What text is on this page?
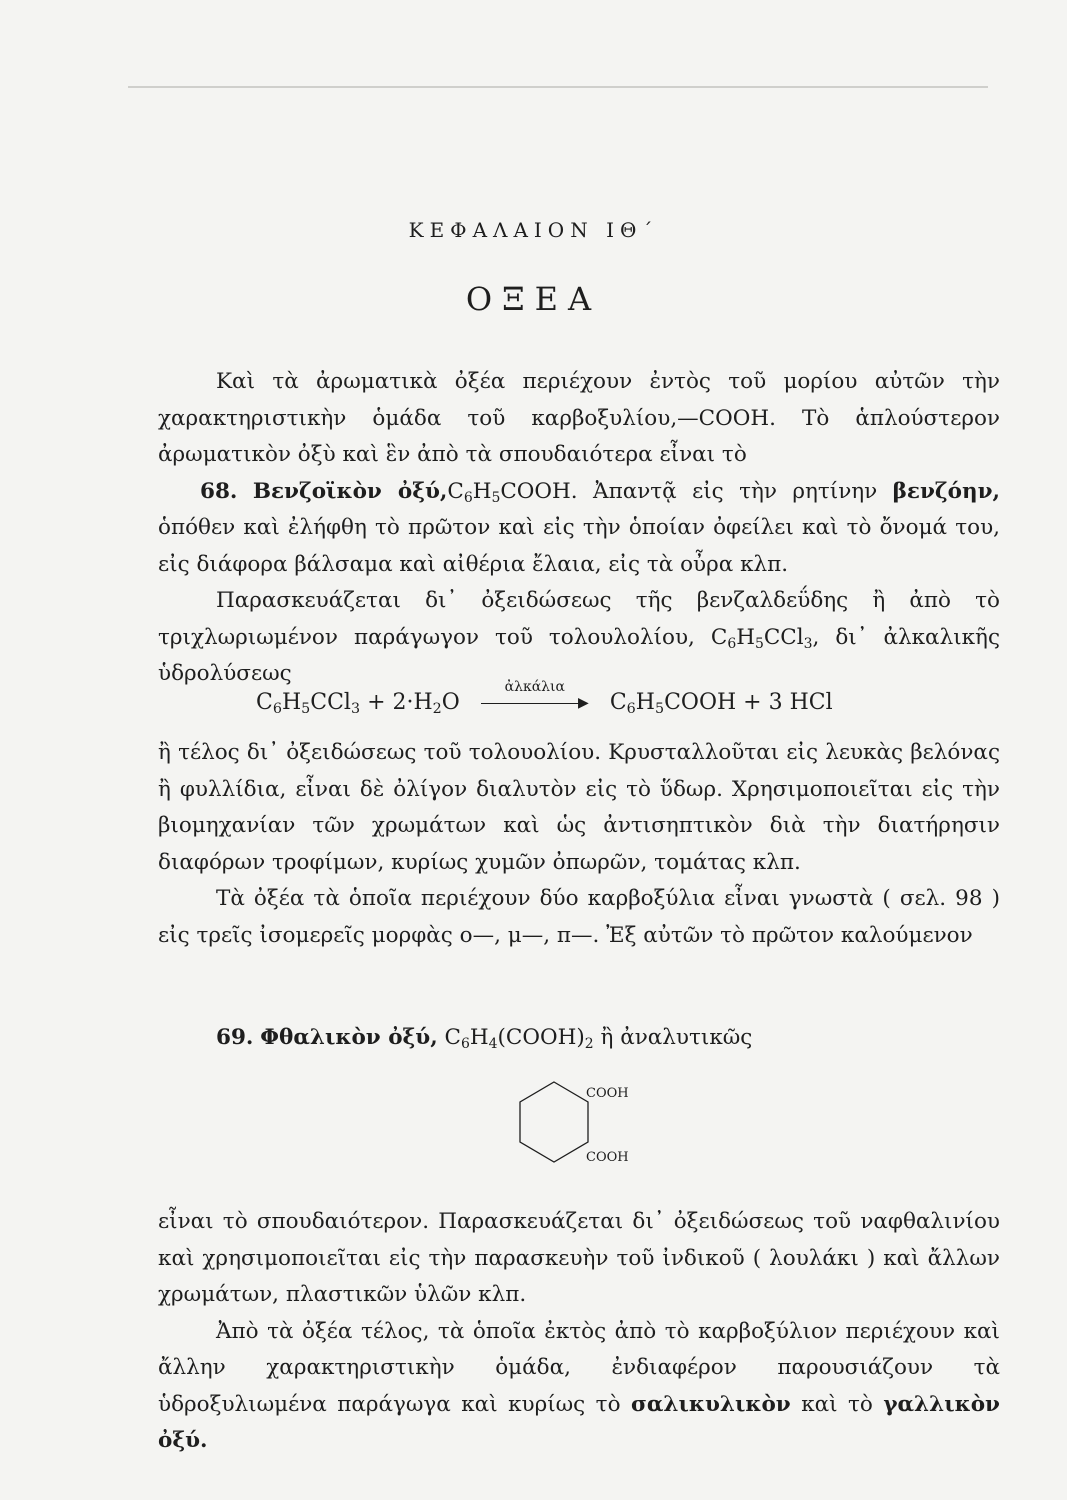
ΚΕΦΑΛΑΙΟΝ ΙΘ΄
ΟΞΕΑ

Καὶ τὰ ἀρωματικὰ ὀξέα περιέχουν ἐντὸς τοῦ μορίου αὐτῶν τὴν χαρακτηριστικὴν ὁμάδα τοῦ καρβοξυλίου,—COOH. Τὸ ἁπλούστερον ἀρωματικὸν ὀξὺ καὶ ἓν ἀπὸ τὰ σπουδαιότερα εἶναι τὸ

68. Βενζοϊκὸν $ὀ\xi ύ,C_6H_5COOH$. Ἀπαντᾷ εἰς τὴν ρητίνην βενζόην, ὁπόθεν καὶ ἐλήφθη τὸ πρῶτον καὶ εἰς τὴν ὁποίαν ὀφείλει καὶ τὸ ὄνομά του, εἰς διάφορα βάλσαμα καὶ αἰθέρια ἔλαια, εἰς τὰ οὖρα κλπ.

Παρασκευάζεται δι᾿ ὀξειδώσεως τῆς βενζαλδεΰδης ἢ ἀπὸ τὸ τριχλωριωμένον παράγωγον τοῦ τολουλολίου, $C_6H_5CCl_3$, δι᾿ ἀλκαλικῆς ὑδρολύσεως

$C_6H_5CCl_3 + 2\cdot H_2O$
ἀλκάλια
▶ $C_6H_5COOH + 3$ HCl

ἢ τέλος δι᾿ ὀξειδώσεως τοῦ τολουολίου. Κρυσταλλοῦται εἰς λευκὰς βελόνας ἢ φυλλίδια, εἶναι δὲ ὀλίγον διαλυτὸν εἰς τὸ ὕδωρ. Χρησιμοποιεῖται εἰς τὴν βιομηχανίαν τῶν χρωμάτων καὶ ὡς ἀντισηπτικὸν διὰ τὴν διατήρησιν διαφόρων τροφίμων, κυρίως χυμῶν ὀπωρῶν, τομάτας κλπ.

Τὰ ὀξέα τὰ ὁποῖα περιέχουν δύο καρβοξύλια εἶναι γνωστὰ ( σελ. 98 ) εἰς τρεῖς ἰσομερεῖς μορφὰς o—, μ—, π—. Ἐξ αὐτῶν τὸ πρῶτον καλούμενον

69. Φθαλικὸν ὀξύ, $C_6H_4(COOH)_2$ ἢ ἀναλυτικῶς

COOH
COOH

εἶναι τὸ σπουδαιότερον. Παρασκευάζεται δι᾿ ὀξειδώσεως τοῦ ναφθαλινίου καὶ χρησιμοποιεῖται εἰς τὴν παρασκευὴν τοῦ ἰνδικοῦ ( λουλάκι ) καὶ ἄλλων χρωμάτων, πλαστικῶν ὑλῶν κλπ.

Ἀπὸ τὰ ὀξέα τέλος, τὰ ὁποῖα ἐκτὸς ἀπὸ τὸ καρβοξύλιον περιέχουν καὶ ἄλλην χαρακτηριστικὴν ὁμάδα, ἐνδιαφέρον παρουσιάζουν τὰ ὑδροξυλιωμένα παράγωγα καὶ κυρίως τὸ σαλικυλικὸν καὶ τὸ γαλλικὸν ὀξύ.
